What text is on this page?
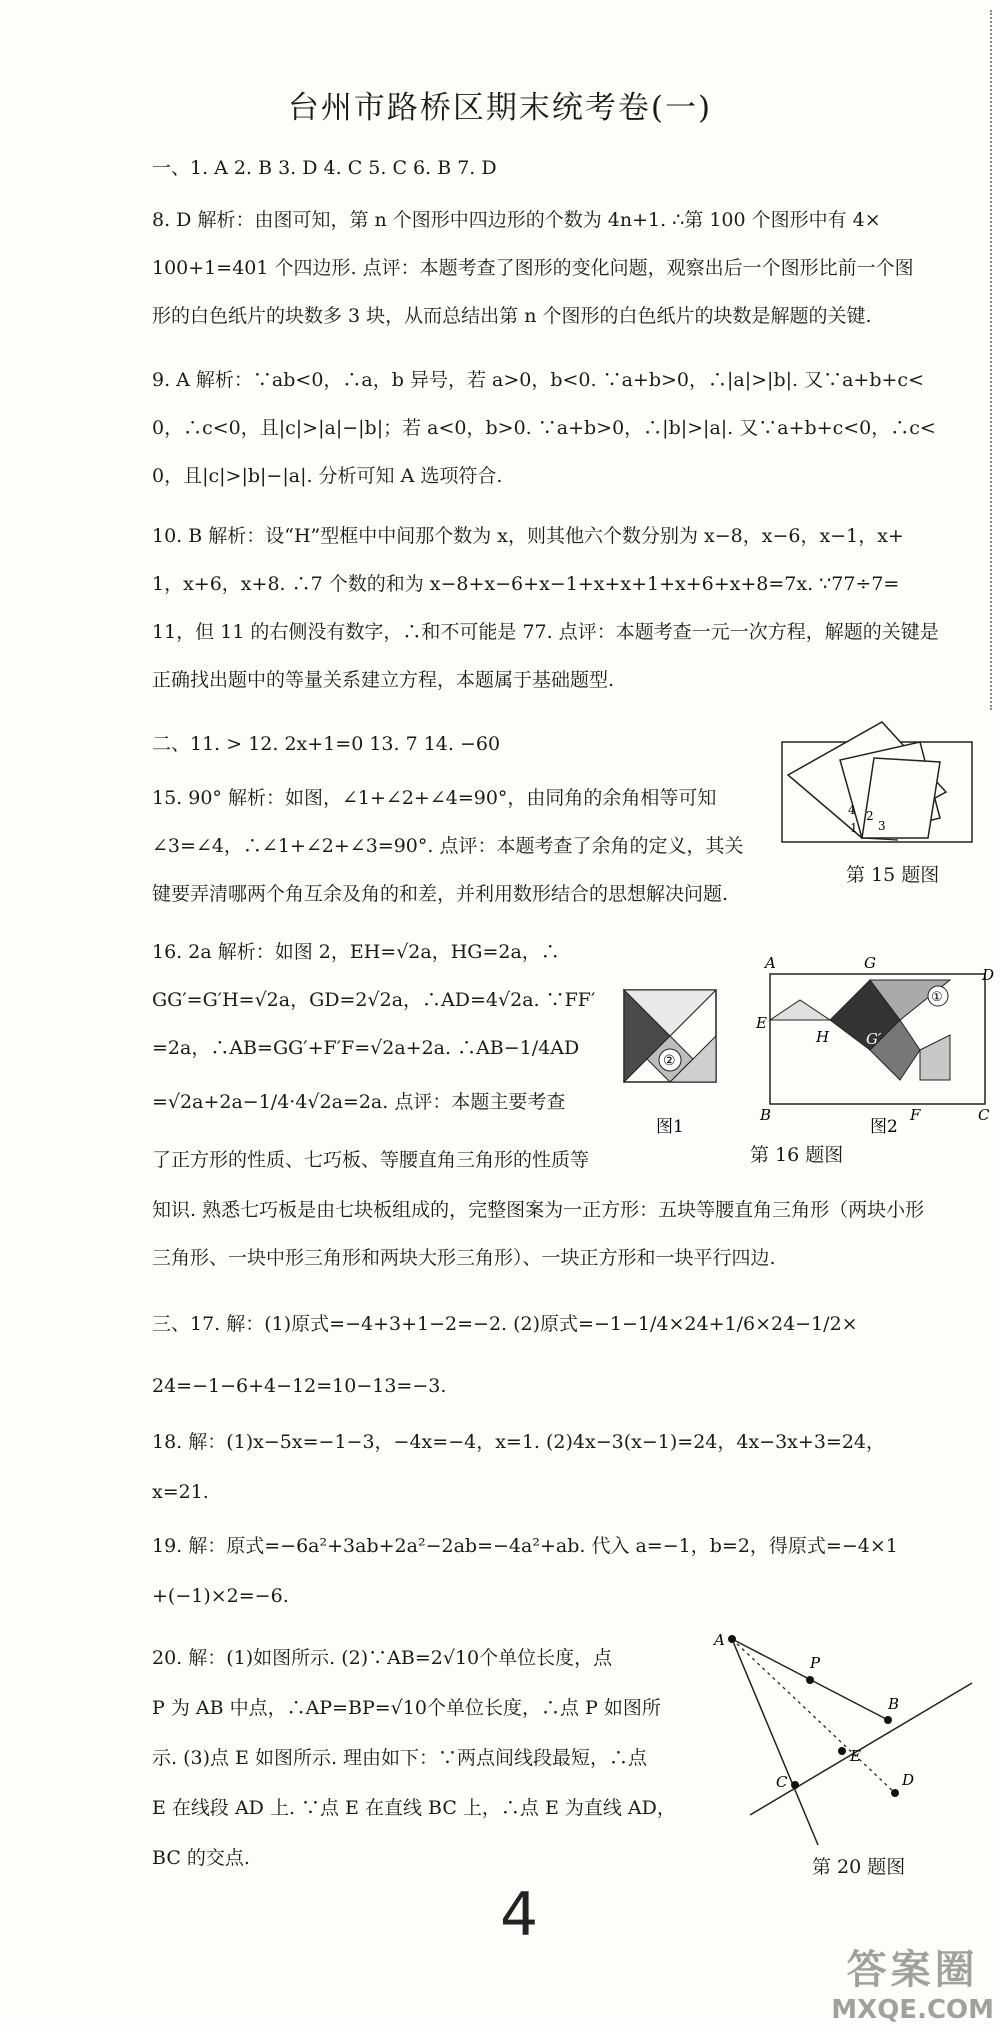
台州市路桥区期末统考卷(一)
一、1. A 2. B 3. D 4. C 5. C 6. B 7. D
8. D 解析：由图可知，第 n 个图形中四边形的个数为 4n+1. ∴第 100 个图形中有 4×
100+1=401 个四边形. 点评：本题考查了图形的变化问题，观察出后一个图形比前一个图
形的白色纸片的块数多 3 块，从而总结出第 n 个图形的白色纸片的块数是解题的关键.
9. A 解析：∵ab<0，∴a，b 异号，若 a>0，b<0. ∵a+b>0，∴|a|>|b|. 又∵a+b+c<
0，∴c<0，且|c|>|a|−|b|；若 a<0，b>0. ∵a+b>0，∴|b|>|a|. 又∵a+b+c<0，∴c<
0，且|c|>|b|−|a|. 分析可知 A 选项符合.
10. B 解析：设“H”型框中中间那个数为 x，则其他六个数分别为 x−8，x−6，x−1，x+
1，x+6，x+8. ∴7 个数的和为 x−8+x−6+x−1+x+x+1+x+6+x+8=7x. ∵77÷7=
11，但 11 的右侧没有数字，∴和不可能是 77. 点评：本题考查一元一次方程，解题的关键是
正确找出题中的等量关系建立方程，本题属于基础题型.
二、11. > 12. 2x+1=0 13. 7 14. −60
15. 90° 解析：如图，∠1+∠2+∠4=90°，由同角的余角相等可知
∠3=∠4，∴∠1+∠2+∠3=90°. 点评：本题考查了余角的定义，其关
键要弄清哪两个角互余及角的和差，并利用数形结合的思想解决问题.
4 2
1 3
第 15 题图
16. 2a 解析：如图 2，EH=√2a，HG=2a，∴
GG′=G′H=√2a，GD=2√2a，∴AD=4√2a. ∵FF′
=2a，∴AB=GG′+F′F=√2a+2a. ∴AB−1/4AD
=√2a+2a−1/4·4√2a=2a. 点评：本题主要考查
了正方形的性质、七巧板、等腰直角三角形的性质等
知识. 熟悉七巧板是由七块板组成的，完整图案为一正方形：五块等腰直角三角形（两块小形
三角形、一块中形三角形和两块大形三角形）、一块正方形和一块平行四边.
②
①
A	G
D
E
H G′
B	F	C
图1	图2
第 16 题图
三、17. 解：(1)原式=−4+3+1−2=−2. (2)原式=−1−1/4×24+1/6×24−1/2×
24=−1−6+4−12=10−13=−3.
18. 解：(1)x−5x=−1−3，−4x=−4，x=1. (2)4x−3(x−1)=24，4x−3x+3=24，
x=21.
19. 解：原式=−6a²+3ab+2a²−2ab=−4a²+ab. 代入 a=−1，b=2，得原式=−4×1
+(−1)×2=−6.
20. 解：(1)如图所示. (2)∵AB=2√10个单位长度，点
P 为 AB 中点，∴AP=BP=√10个单位长度，∴点 P 如图所
示. (3)点 E 如图所示. 理由如下：∵两点间线段最短，∴点
E 在线段 AD 上. ∵点 E 在直线 BC 上，∴点 E 为直线 AD，
BC 的交点.
A
P
B
E
C	D
第 20 题图
4
答案圈
MXQE.COM
